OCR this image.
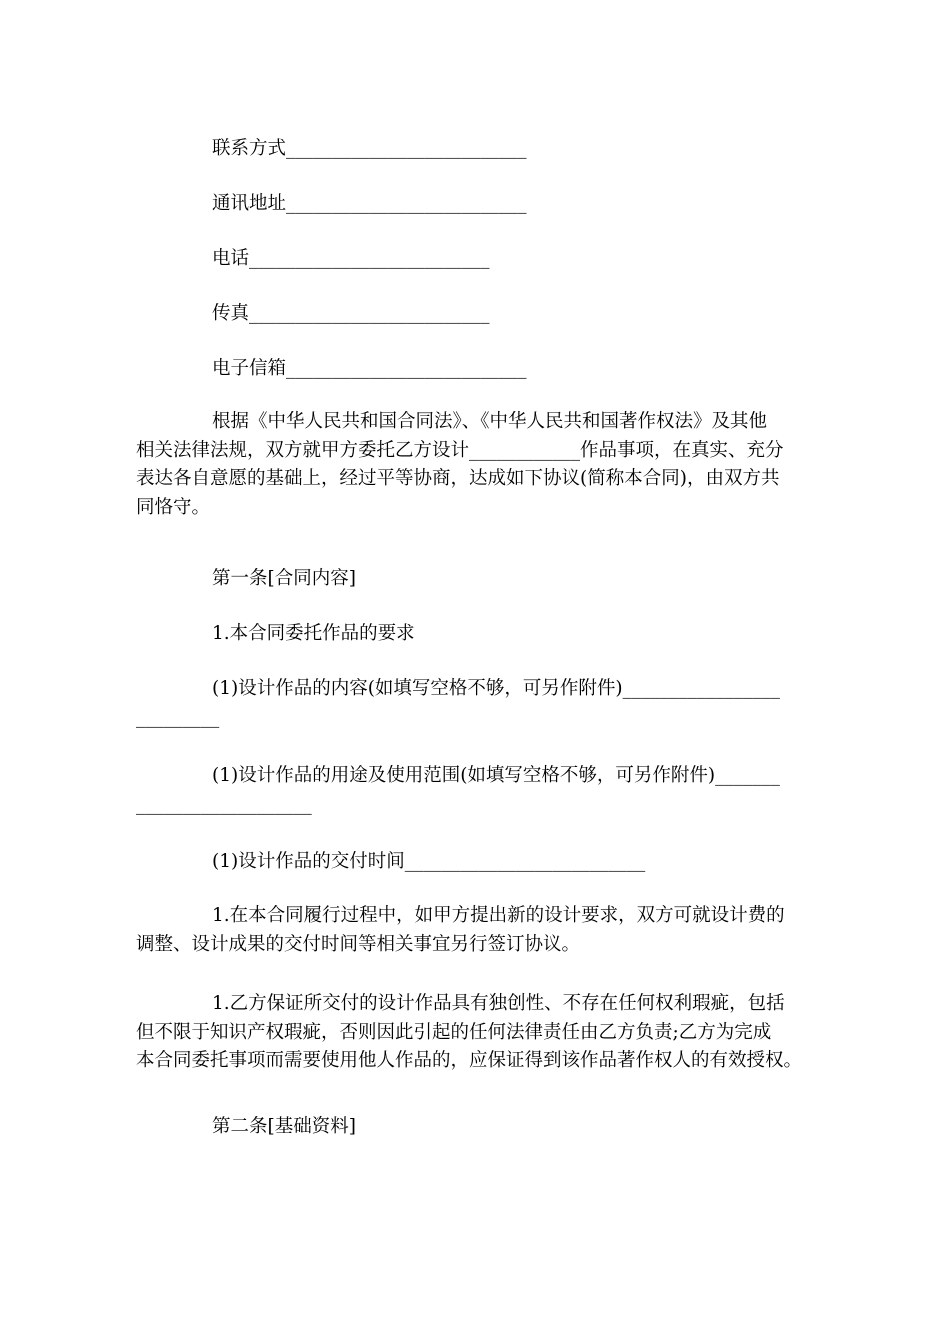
联系方式__________________________
通讯地址__________________________
电话__________________________
传真__________________________
电子信箱__________________________
根据《中华人民共和国合同法》、《中华人民共和国著作权法》及其他
相关法律法规，双方就甲方委托乙方设计____________作品事项，在真实、充分
表达各自意愿的基础上，经过平等协商，达成如下协议(简称本合同)，由双方共
同恪守。
第一条[合同内容]
1.本合同委托作品的要求
(1)设计作品的内容(如填写空格不够，可另作附件)_________________
_________
(1)设计作品的用途及使用范围(如填写空格不够，可另作附件)_______
___________________
(1)设计作品的交付时间__________________________
1.在本合同履行过程中，如甲方提出新的设计要求，双方可就设计费的
调整、设计成果的交付时间等相关事宜另行签订协议。
1.乙方保证所交付的设计作品具有独创性、不存在任何权利瑕疵，包括
但不限于知识产权瑕疵，否则因此引起的任何法律责任由乙方负责;乙方为完成
本合同委托事项而需要使用他人作品的，应保证得到该作品著作权人的有效授权。
第二条[基础资料]
